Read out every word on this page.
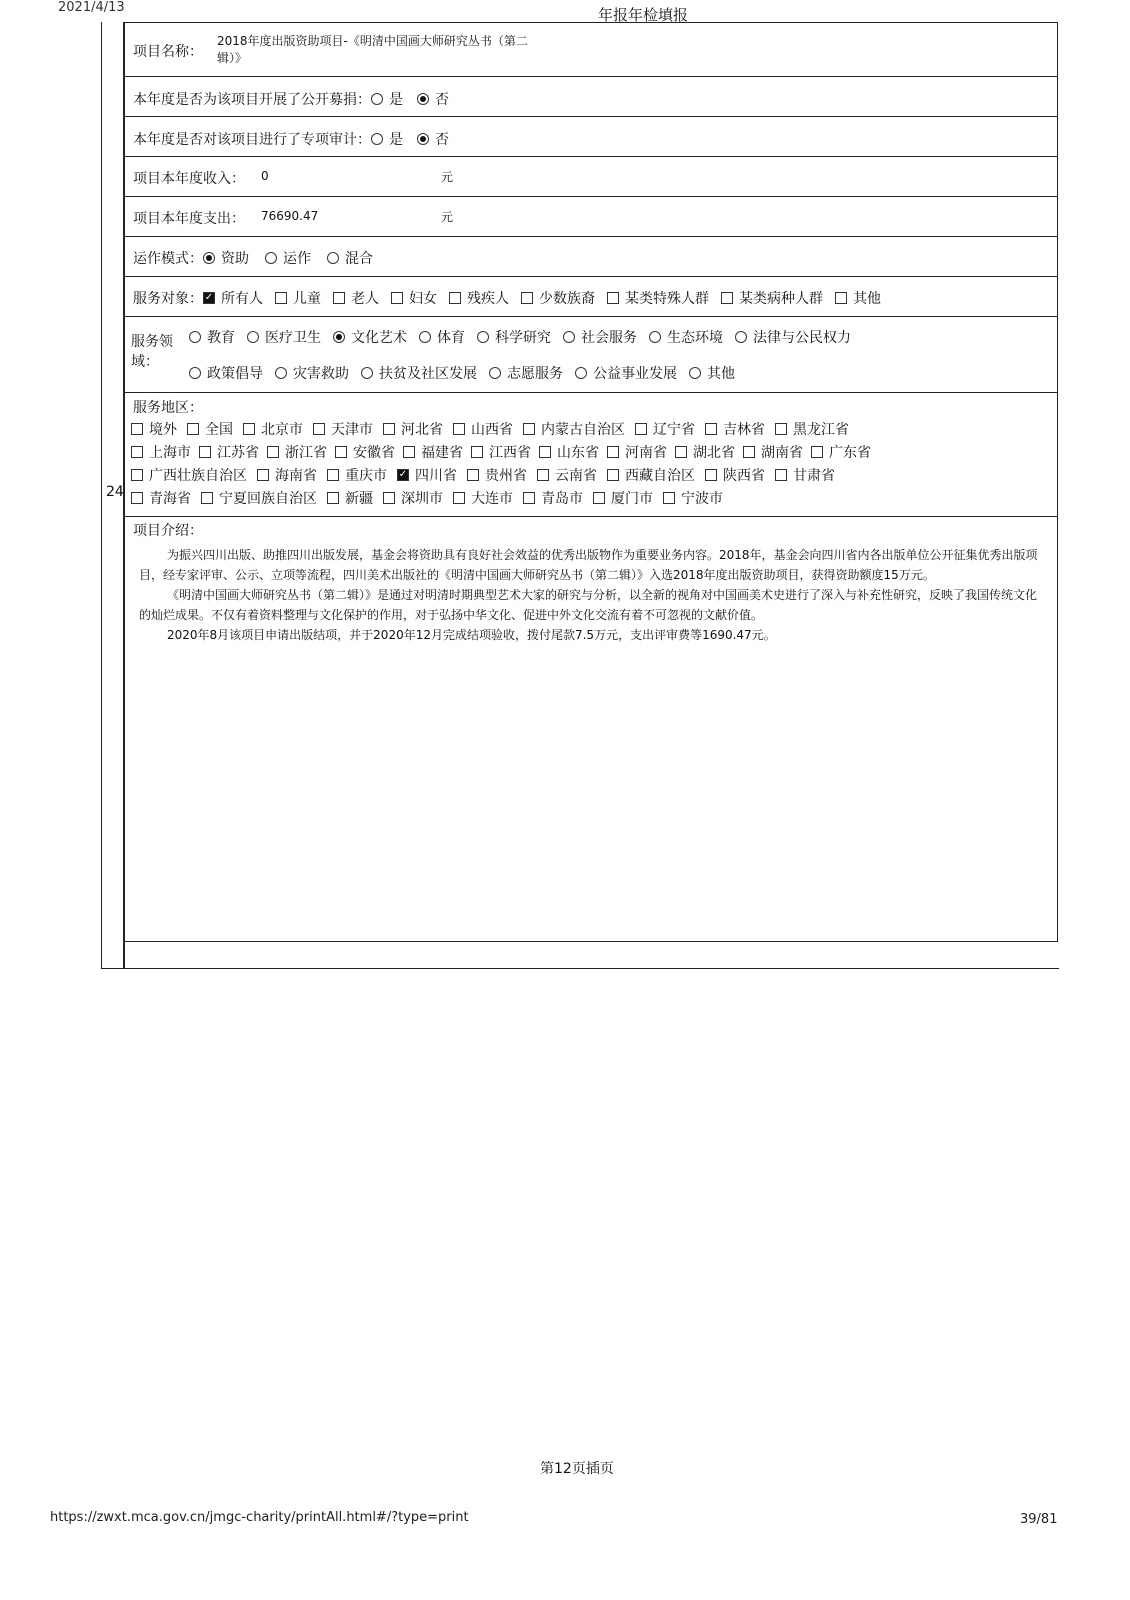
2021/4/13	年报年检填报
24
项目名称：
2018年度出版资助项目-《明清中国画大师研究丛书（第二
辑）》
本年度是否为该项目开展了公开募捐： 是 否
本年度是否对该项目进行了专项审计： 是 否
项目本年度收入： 0	元
项目本年度支出： 76690.47	元
运作模式： 资助 运作 混合
服务对象： ✓ 所有人 儿童 老人 妇女 残疾人 少数族裔 某类特殊人群 某类病种人群 其他
服务领
域：
教育 医疗卫生 文化艺术 体育 科学研究 社会服务 生态环境 法律与公民权力
政策倡导 灾害救助 扶贫及社区发展 志愿服务 公益事业发展 其他
服务地区：
境外 全国 北京市 天津市 河北省 山西省 内蒙古自治区 辽宁省 吉林省 黑龙江省
上海市 江苏省 浙江省 安徽省 福建省 江西省 山东省 河南省 湖北省 湖南省 广东省
广西壮族自治区 海南省 重庆市 ✓ 四川省 贵州省 云南省 西藏自治区 陕西省 甘肃省
青海省 宁夏回族自治区 新疆 深圳市 大连市 青岛市 厦门市 宁波市
项目介绍：

为振兴四川出版、助推四川出版发展，基金会将资助具有良好社会效益的优秀出版物作为重要业务内容。2018年，基金会向四川省内各出版单位公开征集优秀出版项目，经专家评审、公示、立项等流程，四川美术出版社的《明清中国画大师研究丛书（第二辑）》入选2018年度出版资助项目，获得资助额度15万元。

《明清中国画大师研究丛书（第二辑）》是通过对明清时期典型艺术大家的研究与分析，以全新的视角对中国画美术史进行了深入与补充性研究，反映了我国传统文化的灿烂成果。不仅有着资料整理与文化保护的作用，对于弘扬中华文化、促进中外文化交流有着不可忽视的文献价值。

2020年8月该项目申请出版结项，并于2020年12月完成结项验收，拨付尾款7.5万元，支出评审费等1690.47元。

第12页插页
https://zwxt.mca.gov.cn/jmgc-charity/printAll.html#/?type=print	39/81
